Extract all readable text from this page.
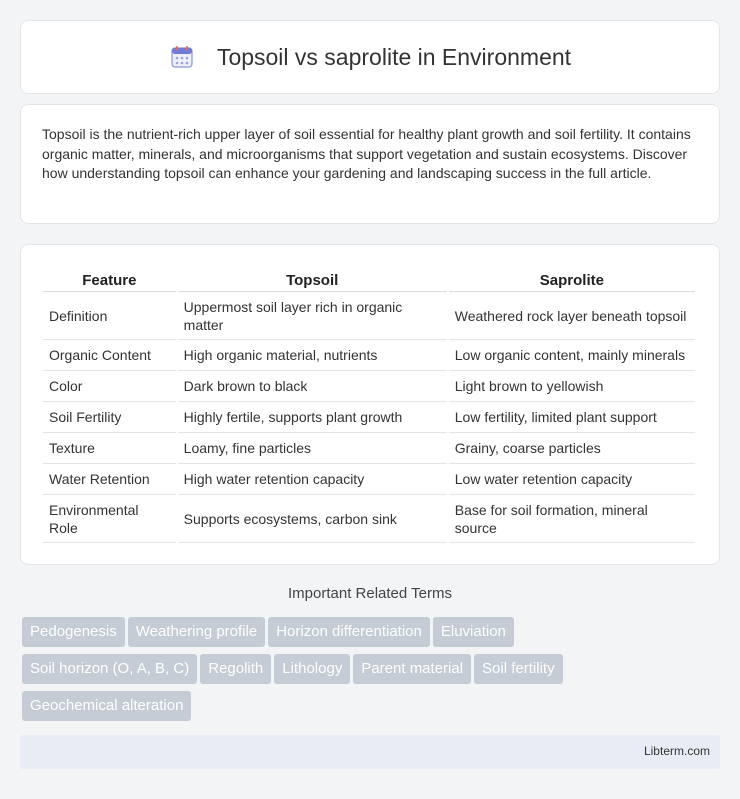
Topsoil vs saprolite in Environment

Topsoil is the nutrient-rich upper layer of soil essential for healthy plant growth and soil fertility. It contains organic matter, minerals, and microorganisms that support vegetation and sustain ecosystems. Discover how understanding topsoil can enhance your gardening and landscaping success in the full article.

Feature	Topsoil	Saprolite
Definition	Uppermost soil layer rich in organic matter	Weathered rock layer beneath topsoil
Organic Content	High organic material, nutrients	Low organic content, mainly minerals
Color	Dark brown to black	Light brown to yellowish
Soil Fertility	Highly fertile, supports plant growth	Low fertility, limited plant support
Texture	Loamy, fine particles	Grainy, coarse particles
Water Retention	High water retention capacity	Low water retention capacity
Environmental Role	Supports ecosystems, carbon sink	Base for soil formation, mineral source
Important Related Terms
Pedogenesis Weathering profile Horizon differentiation Eluviation
Soil horizon (O, A, B, C) Regolith Lithology Parent material Soil fertility
Geochemical alteration
Libterm.com
